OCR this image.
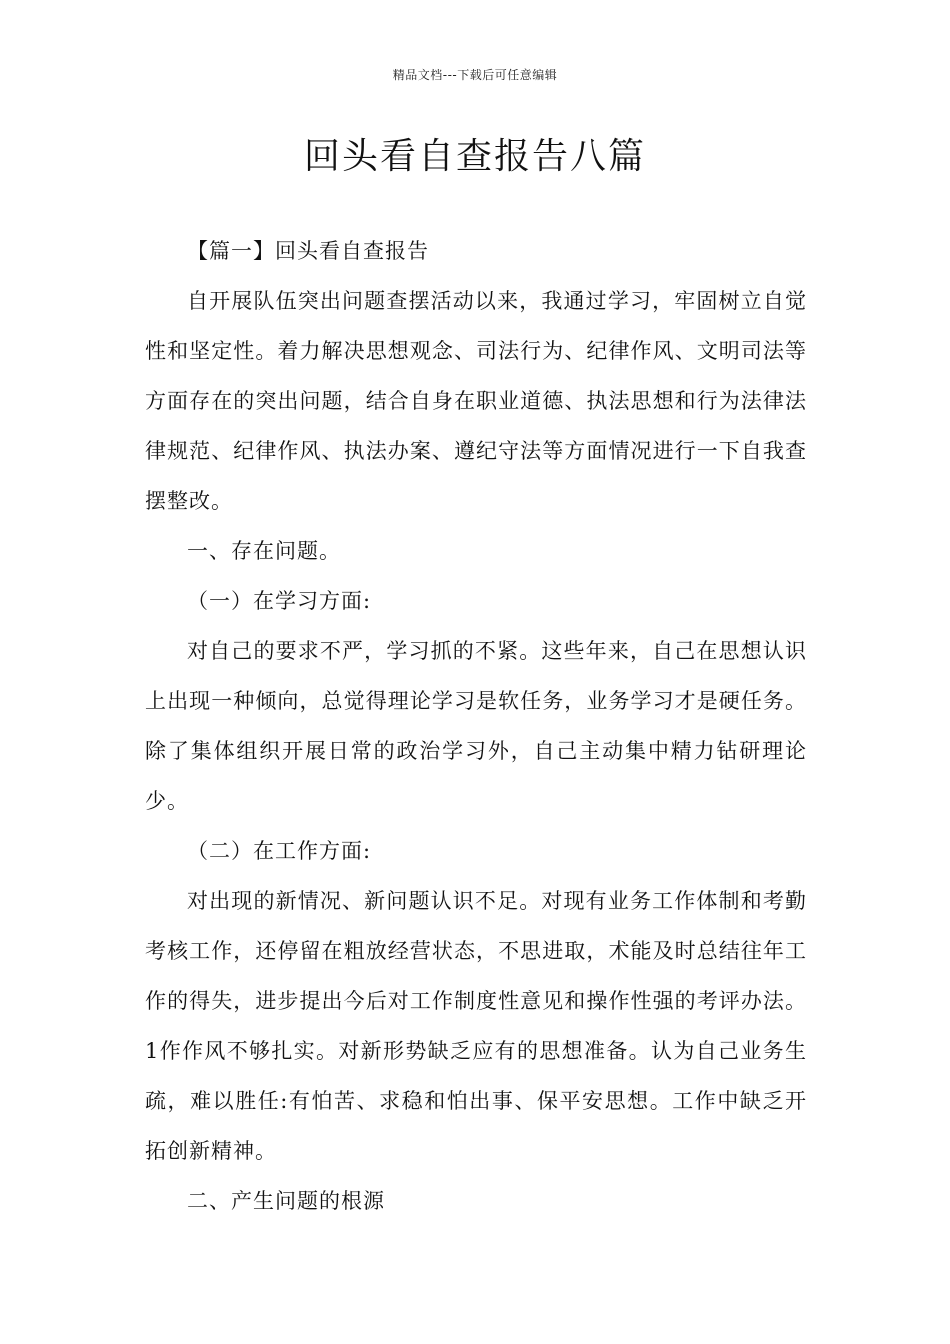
精品文档---下载后可任意编辑
回头看自查报告八篇

【篇一】回头看自查报告

自开展队伍突出问题查摆活动以来，我通过学习，牢固树立自觉性和坚定性。着力解决思想观念、司法行为、纪律作风、文明司法等方面存在的突出问题，结合自身在职业道德、执法思想和行为法律法律规范、纪律作风、执法办案、遵纪守法等方面情况进行一下自我查摆整改。

一、存在问题。

（一）在学习方面:

对自己的要求不严，学习抓的不紧。这些年来，自己在思想认识上出现一种倾向，总觉得理论学习是软任务，业务学习才是硬任务。除了集体组织开展日常的政治学习外，自己主动集中精力钻研理论少。

（二）在工作方面:

对出现的新情况、新问题认识不足。对现有业务工作体制和考勤考核工作，还停留在粗放经营状态，不思进取，术能及时总结往年工作的得失，进步提出今后对工作制度性意见和操作性强的考评办法。1作作风不够扎实。对新形势缺乏应有的思想准备。认为自己业务生疏，难以胜任:有怕苦、求稳和怕出事、保平安思想。工作中缺乏开拓创新精神。

二、产生问题的根源
